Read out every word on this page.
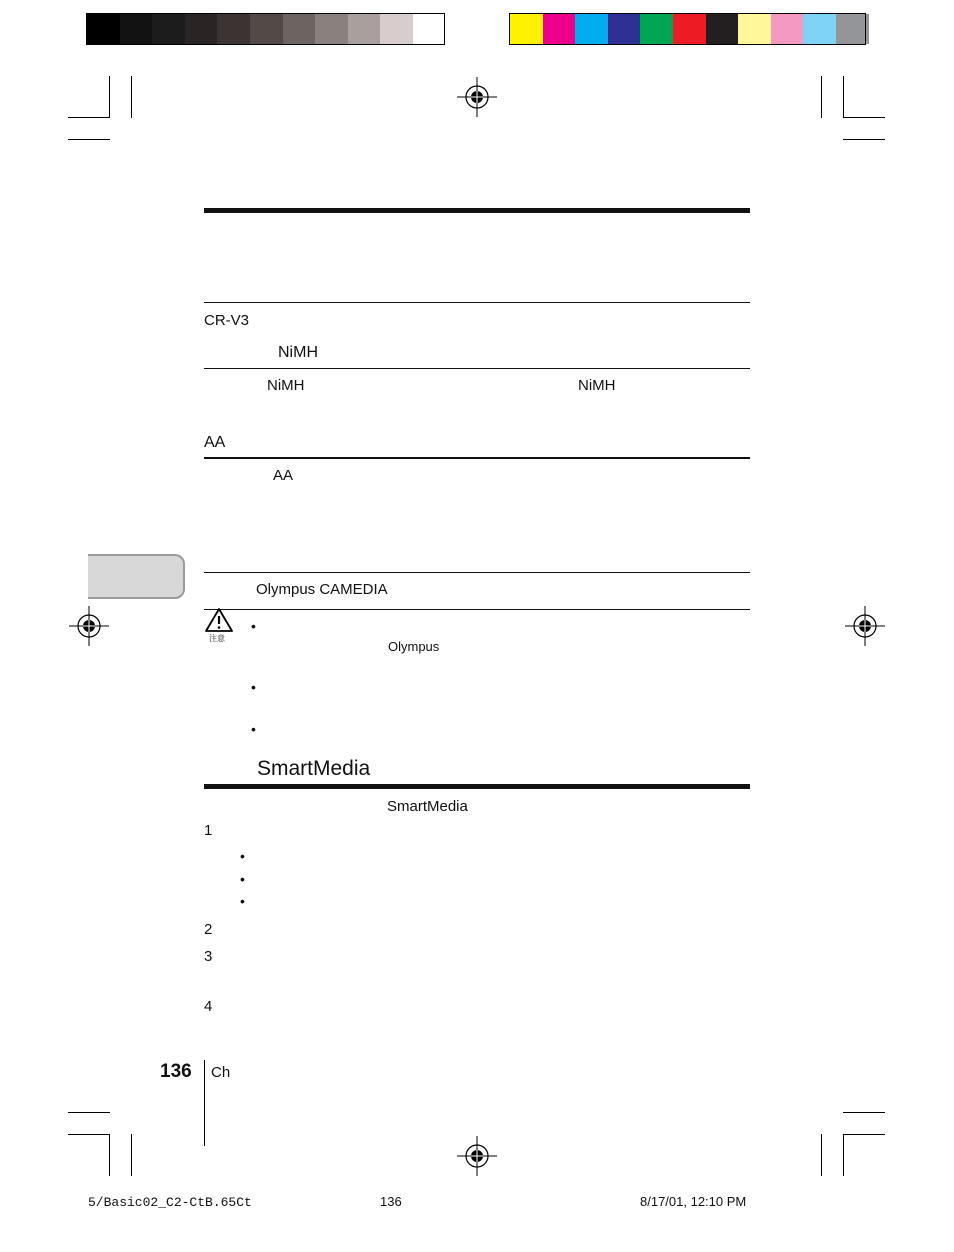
CR-V3
NiMH
NiMH	NiMH
AA
AA
Olympus CAMEDIA
注意
•
Olympus
•
•
SmartMedia
SmartMedia
1
•
•
•
2
3
4
136 Ch
5/Basic02_C2-CtB.65Ct	136	8/17/01, 12:10 PM
